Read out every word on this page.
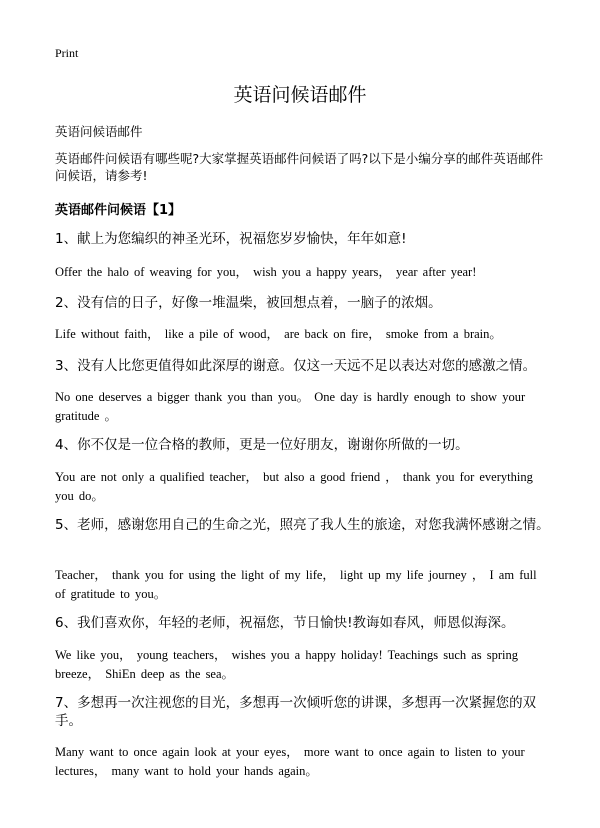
Print
英语问候语邮件
英语问候语邮件
英语邮件问候语有哪些呢?大家掌握英语邮件问候语了吗?以下是小编分享的邮件英语邮件问候语，请参考!
英语邮件问候语【1】
1、献上为您编织的神圣光环，祝福您岁岁愉快，年年如意!
Offer the halo of weaving for you， wish you a happy years， year after year!
2、没有信的日子，好像一堆温柴，被回想点着，一脑子的浓烟。
Life without faith， like a pile of wood， are back on fire， smoke from a brain。
3、没有人比您更值得如此深厚的谢意。仅这一天远不足以表达对您的感激之情。
No one deserves a bigger thank you than you。 One day is hardly enough to show your gratitude 。
4、你不仅是一位合格的教师，更是一位好朋友，谢谢你所做的一切。
You are not only a qualified teacher， but also a good friend ， thank you for everything you do。
5、老师，感谢您用自己的生命之光，照亮了我人生的旅途，对您我满怀感谢之情。
Teacher， thank you for using the light of my life， light up my life journey ， I am full of gratitude to you。
6、我们喜欢你，年轻的老师，祝福您，节日愉快!教诲如春风，师恩似海深。
We like you， young teachers， wishes you a happy holiday! Teachings such as spring breeze， ShiEn deep as the sea。
7、多想再一次注视您的目光，多想再一次倾听您的讲课，多想再一次紧握您的双手。
Many want to once again look at your eyes， more want to once again to listen to your lectures， many want to hold your hands again。
